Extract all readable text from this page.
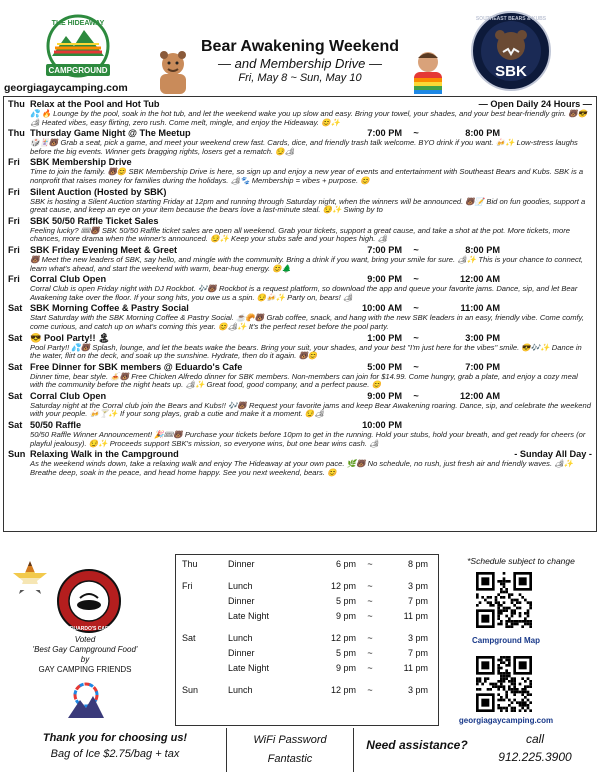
CAMPGROUND
THE HIDEAWAY
georgiagaycamping.com
Bear Awakening Weekend
— and Membership Drive —
Fri, May 8 ~ Sun, May 10	SBK
SOUTHEAST BEARS & KUBS
Thu Relax at the Pool and Hot Tub	— Open Daily 24 Hours —
💦 🔥 Lounge by the pool, soak in the hot tub, and let the weekend wake you up slow and easy. Bring your towel, your shades, and your best bear-friendly grin. 🐻😎🏕 Heated vibes, easy flirting, zero rush. Come melt, mingle, and enjoy the Hideaway. 😊✨
Thu Thursday Game Night @ The Meetup	7:00 PM	~	8:00 PM
🎲🃏🐻 Grab a seat, pick a game, and meet your weekend crew fast. Cards, dice, and friendly trash talk welcome. BYO drink if you want. 🍻✨ Low-stress laughs before the big events. Winner gets bragging rights, losers get a rematch. 😏🏕
Fri	SBK Membership Drive
Time to join the family. 🐻😊 SBK Membership Drive is here, so sign up and enjoy a new year of events and entertainment with Southeast Bears and Kubs. SBK is a nonprofit that raises money for families during the holidays. 🏕🐾 Membership = vibes + purpose. 😊
Fri	Silent Auction (Hosted by SBK)
SBK is hosting a Silent Auction starting Friday at 12pm and running through Saturday night, when the winners will be announced. 🐻📝 Bid on fun goodies, support a great cause, and keep an eye on your item because the bears love a last-minute steal. 😏✨ Swing by to
Fri	SBK 50/50 Raffle Ticket Sales
Feeling lucky? 🎟🐻 SBK 50/50 Raffle ticket sales are open all weekend. Grab your tickets, support a great cause, and take a shot at the pot. More tickets, more chances, more drama when the winner's announced. 😏✨ Keep your stubs safe and your hopes high. 🏕
Fri	SBK Friday Evening Meet & Greet	7:00 PM	~	8:00 PM
🐻 Meet the new leaders of SBK, say hello, and mingle with the community. Bring a drink if you want, bring your smile for sure. 🏕✨ This is your chance to connect, learn what's ahead, and start the weekend with warm, bear-hug energy. 😊🌲
Fri	Corral Club Open	9:00 PM	~	12:00 AM
Corral Club is open Friday night with DJ Rockbot. 🎶🐻 Rockbot is a request platform, so download the app and queue your favorite jams. Dance, sip, and let Bear Awakening take over the floor. If your song hits, you owe us a spin. 😏🍻✨ Party on, bears! 🏕
Sat SBK Morning Coffee & Pastry Social	10:00 AM	~	11:00 AM
Start Saturday with the SBK Morning Coffee & Pastry Social. ☕🥐🐻 Grab coffee, snack, and hang with the new SBK leaders in an easy, friendly vibe. Come comfy, come curious, and catch up on what's coming this year. 😊🏕✨ It's the perfect reset before the pool party.
Sat 😎 Pool Party!! 🏝	1:00 PM	~	3:00 PM
Pool Party!! 💦🐻 Splash, lounge, and let the beats wake the bears. Bring your suit, your shades, and your best "I'm just here for the vibes" smile. 😎🎶✨ Dance in the water, flirt on the deck, and soak up the sunshine. Hydrate, then do it again. 🐻😊
Sat Free Dinner for SBK members @ Eduardo's Cafe	5:00 PM	~	7:00 PM
Dinner time, bear style. 🍝🐻 Free Chicken Alfredo dinner for SBK members. Non-members can join for $14.99. Come hungry, grab a plate, and enjoy a cozy meal with the community before the night heats up. 🏕✨ Great food, good company, and a perfect pause. 😊
Sat Corral Club Open	9:00 PM	~	12:00 AM
Saturday night at the Corral club join the Bears and Kubs!! 🎶🐻 Request your favorite jams and keep Bear Awakening roaring. Dance, sip, and celebrate the weekend with your people. 🍻🍸✨ If your song plays, grab a cutie and make it a moment. 😏🏕
Sat 50/50 Raffle	10:00 PM
50/50 Raffle Winner Announcement! 🎉🎟🐻 Purchase your tickets before 10pm to get in the running. Hold your stubs, hold your breath, and get ready for cheers (or playful jealousy). 😏✨ Proceeds support SBK's mission, so everyone wins, but one bear wins cash. 🏕
Sun Relaxing Walk in the Campground	- Sunday All Day -
As the weekend winds down, take a relaxing walk and enjoy The Hideaway at your own pace. 🌿🐻 No schedule, no rush, just fresh air and friendly waves. 🏕✨ Breathe deep, soak in the peace, and head home happy. See you next weekend, bears. 😊
EDUARDO'S CAFE
Voted
'Best Gay Campground Food'
by
GAY CAMPING FRIENDS
Thu	Dinner	6 pm	~	8 pm
Fri	Lunch	12 pm	~	3 pm
Dinner	5 pm	~	7 pm
Late Night	9 pm	~	11 pm
Sat	Lunch	12 pm	~	3 pm
Dinner	5 pm	~	7 pm
Late Night	9 pm	~	11 pm
Sun	Lunch	12 pm	~	3 pm
*Schedule subject to change
Campground Map
georgiagaycamping.com
Thank you for choosing us!
Bag of Ice $2.75/bag + tax
WiFi Password
Fantastic
Need assistance?	call
912.225.3900
